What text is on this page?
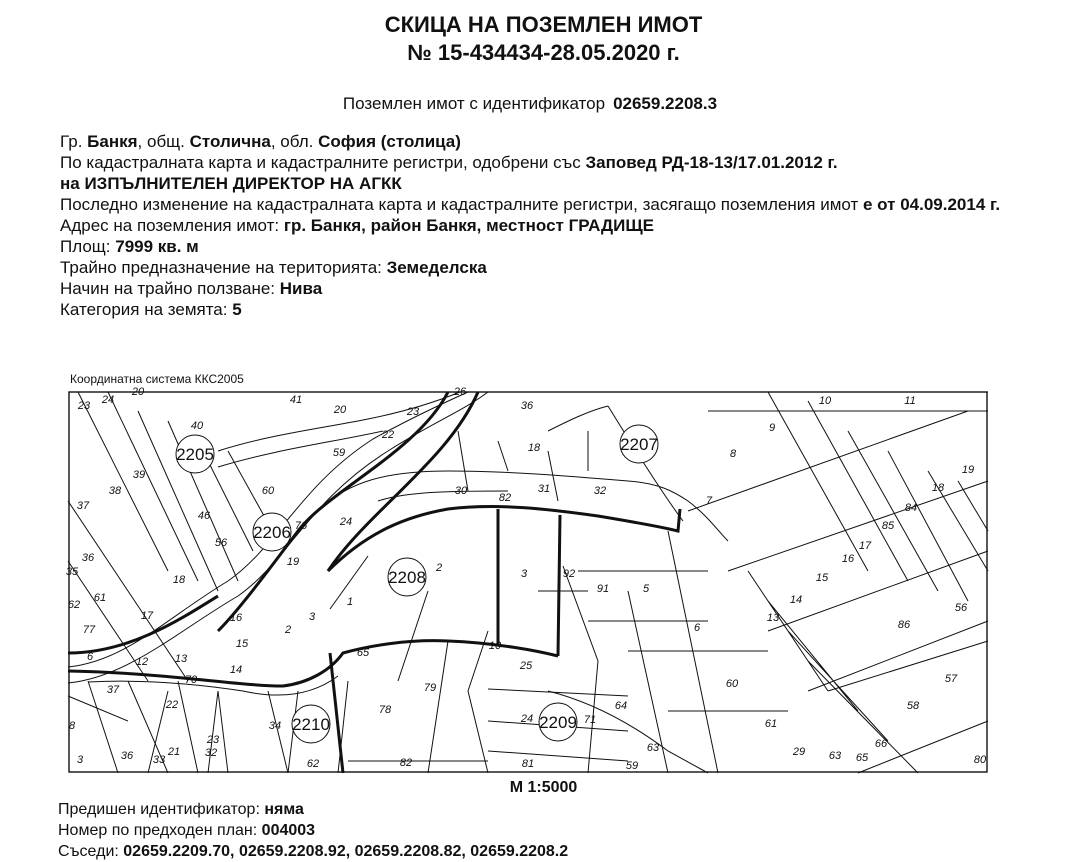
СКИЦА НА ПОЗЕМЛЕН ИМОТ
№ 15-434434-28.05.2020 г.
Поземлен имот с идентификатор 02659.2208.3
Гр. Банкя, общ. Столична, обл. София (столица)
По кадастралната карта и кадастралните регистри, одобрени със Заповед РД-18-13/17.01.2012 г.
на ИЗПЪЛНИТЕЛЕН ДИРЕКТОР НА АГКК
Последно изменение на кадастралната карта и кадастралните регистри, засягащо поземления имот е от 04.09.2014 г.
Адрес на поземления имот: гр. Банкя, район Банкя, местност ГРАДИЩЕ
Площ: 7999 кв. м
Трайно предназначение на територията: Земеделска
Начин на трайно ползване: Нива
Категория на земята: 5
Координатна система ККС2005
2205
2206
2207
2208
2209
2210
23 24
20
41
20	23
26
36	10	11
40
22
59	18
9
8
39
60	30
82
31	32
7
19
18
37
38
46
56
76	24
2	3	92
91	5
85
84
17
16
36
35
18
19
15
14
62
61
17	16	3
2
1
6
13
56
77
6
15
12 13
14
70
10
65
25
60
86
57
37
22
79
78	64
34
24	71	61
58
63
8
21
36	32
3
23
62	82	81	59
29 63
66
33	65	80
М 1:5000
Предишен идентификатор: няма
Номер по предходен план: 004003
Съседи: 02659.2209.70, 02659.2208.92, 02659.2208.82, 02659.2208.2
